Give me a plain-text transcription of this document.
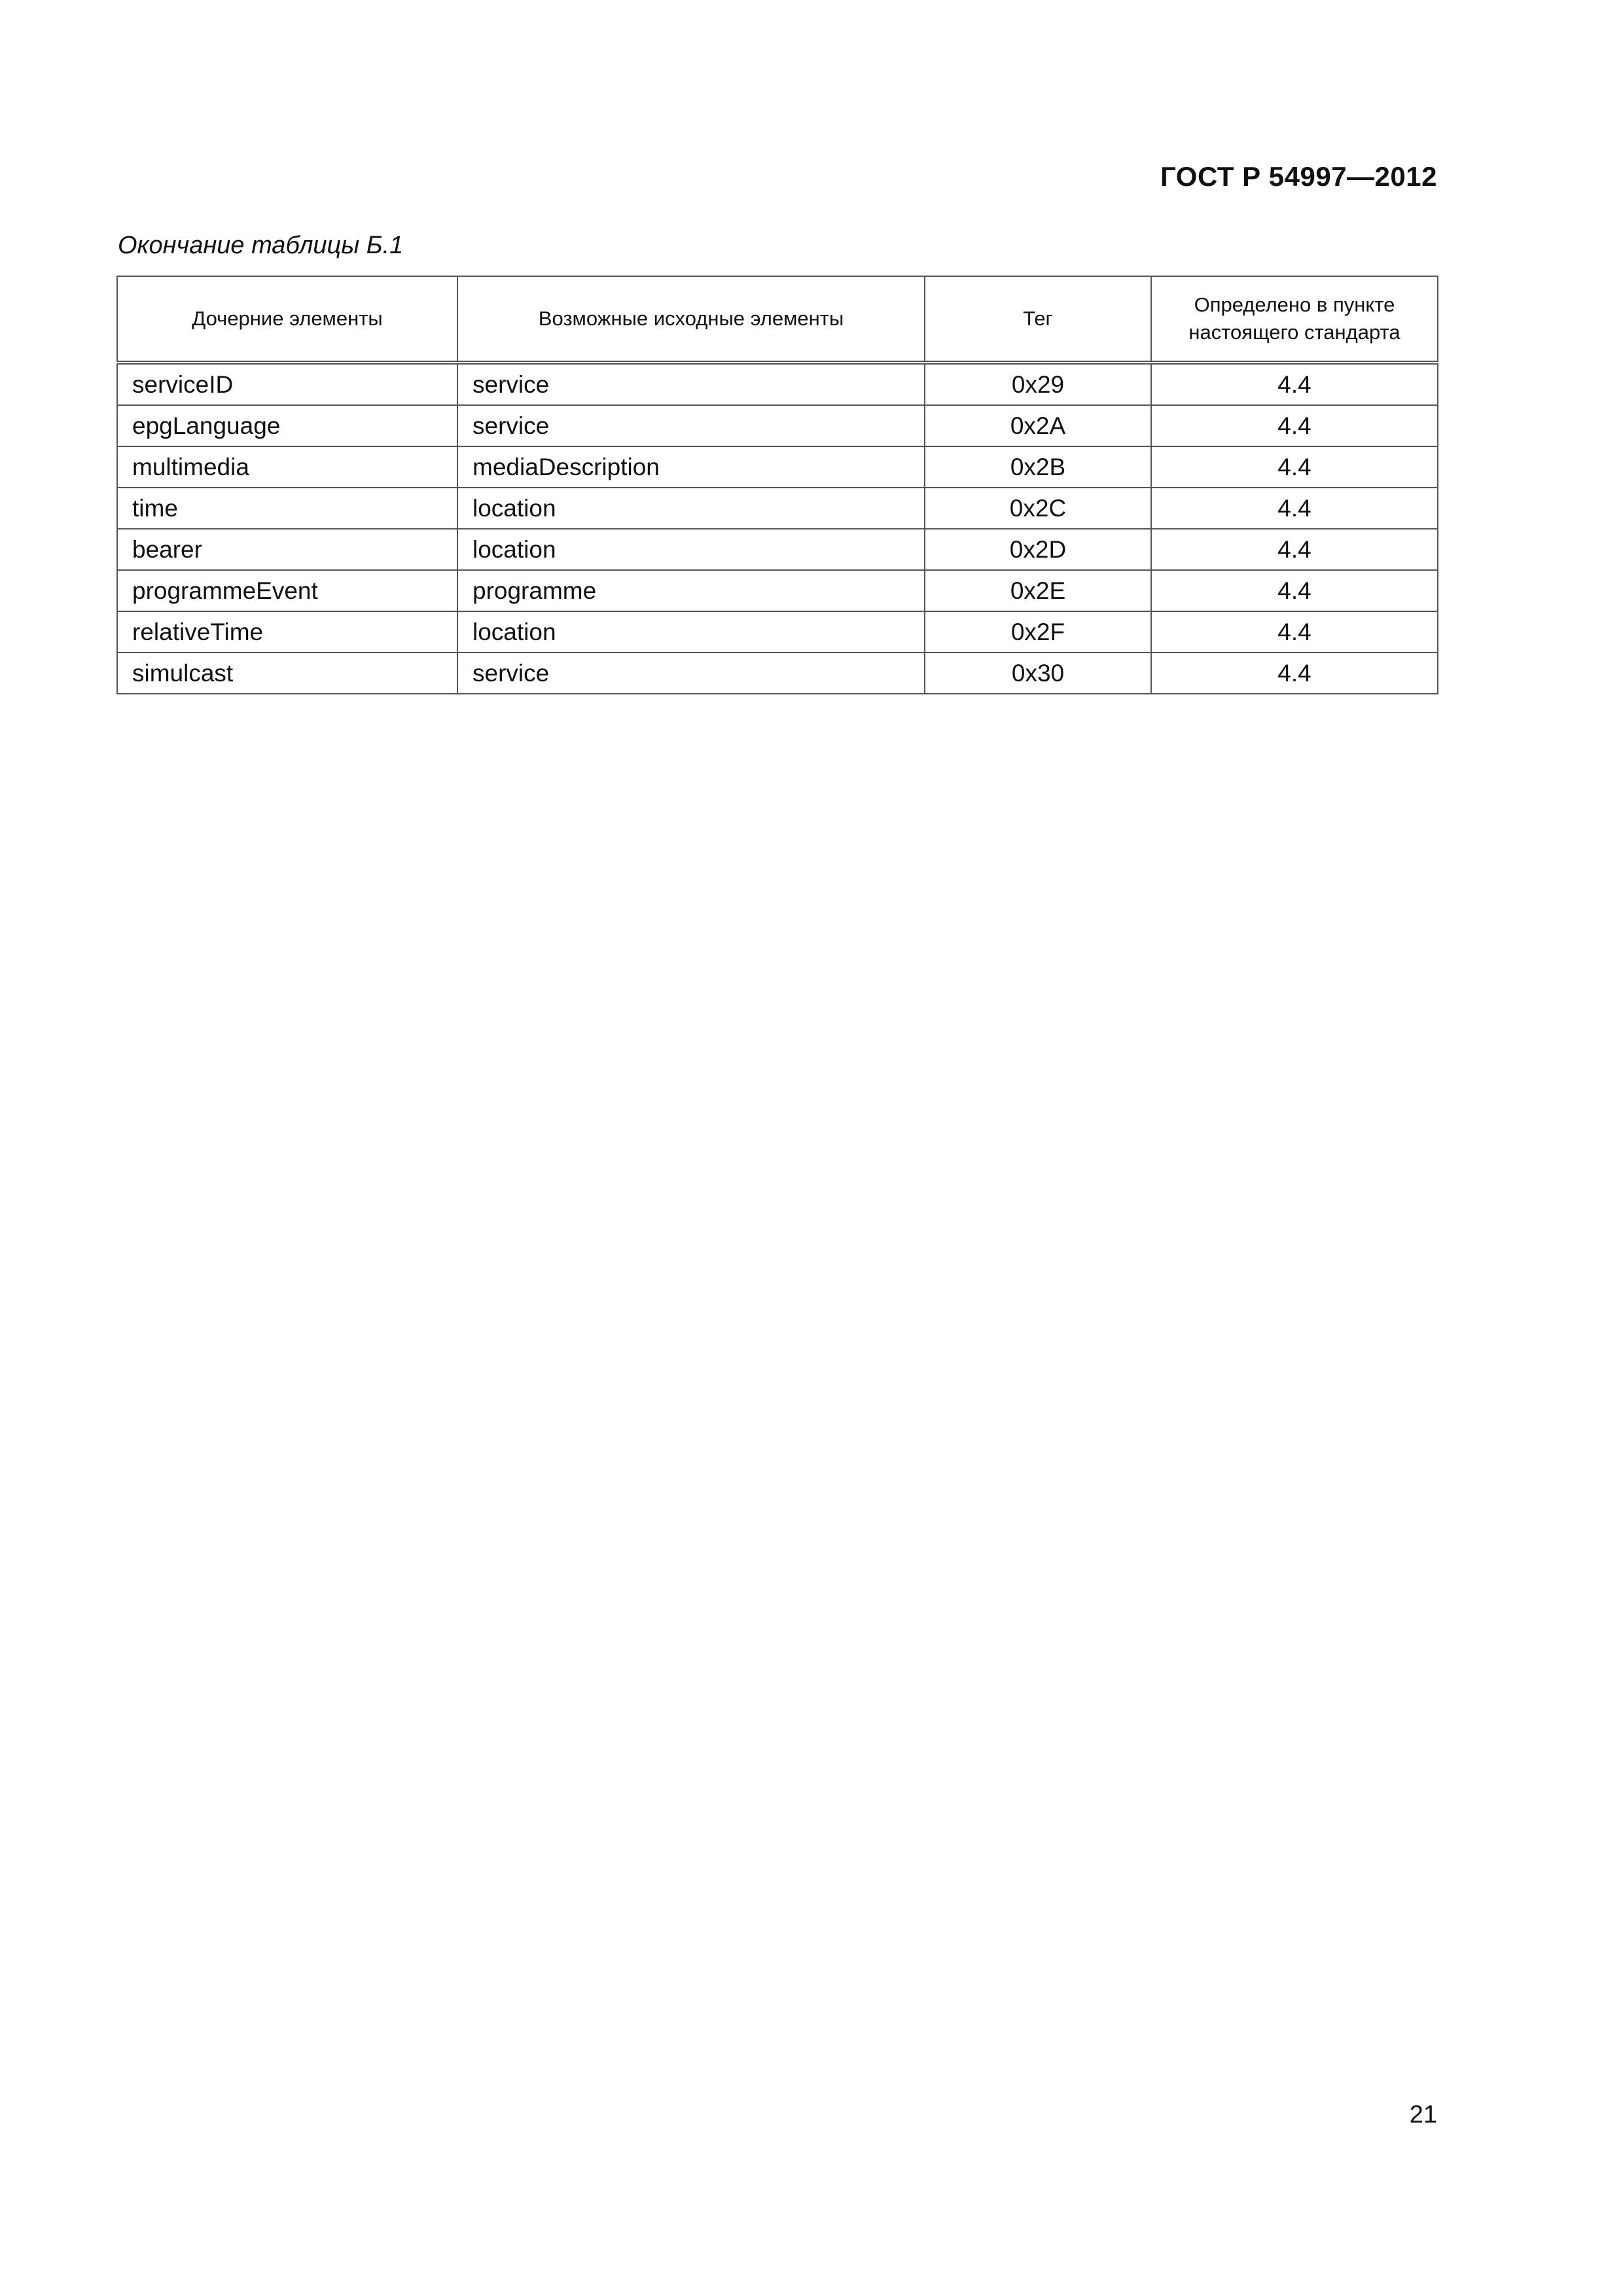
ГОСТ Р 54997—2012
Окончание таблицы Б.1
Дочерние элементы	Возможные исходные элементы	Тег	Определено в пункте настоящего стандарта
serviceID	service	0x29	4.4
epgLanguage	service	0x2A	4.4
multimedia	mediaDescription	0x2B	4.4
time	location	0x2C	4.4
bearer	location	0x2D	4.4
programmeEvent	programme	0x2E	4.4
relativeTime	location	0x2F	4.4
simulcast	service	0x30	4.4
21
